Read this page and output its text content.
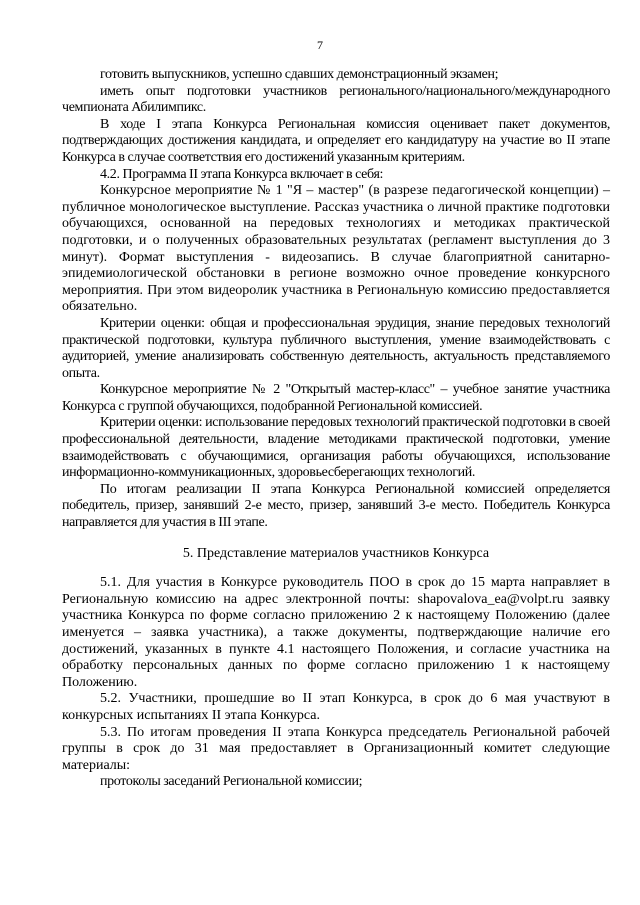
7

готовить выпускников, успешно сдавших демонстрационный экзамен;

иметь опыт подготовки участников регионального/национального/международного чемпионата Абилимпикс.

В ходе I этапа Конкурса Региональная комиссия оценивает пакет документов, подтверждающих достижения кандидата, и определяет его кандидатуру на участие во II этапе Конкурса в случае соответствия его достижений указанным критериям.

4.2. Программа II этапа Конкурса включает в себя:

Конкурсное мероприятие № 1 "Я – мастер" (в разрезе педагогической концепции) – публичное монологическое выступление. Рассказ участника о личной практике подготовки обучающихся, основанной на передовых технологиях и методиках практической подготовки, и о полученных образовательных результатах (регламент выступления до 3 минут). Формат выступления - видеозапись. В случае благоприятной санитарно-эпидемиологической обстановки в регионе возможно очное проведение конкурсного мероприятия. При этом видеоролик участника в Региональную комиссию предоставляется обязательно.

Критерии оценки: общая и профессиональная эрудиция, знание передовых технологий практической подготовки, культура публичного выступления, умение взаимодействовать с аудиторией, умение анализировать собственную деятельность, актуальность представляемого опыта.

Конкурсное мероприятие № 2 "Открытый мастер-класс" – учебное занятие участника Конкурса с группой обучающихся, подобранной Региональной комиссией.

Критерии оценки: использование передовых технологий практической подготовки в своей профессиональной деятельности, владение методиками практической подготовки, умение взаимодействовать с обучающимися, организация работы обучающихся, использование информационно-коммуникационных, здоровьесберегающих технологий.

По итогам реализации II этапа Конкурса Региональной комиссией определяется победитель, призер, занявший 2-е место, призер, занявший 3-е место. Победитель Конкурса направляется для участия в III этапе.

5. Представление материалов участников Конкурса

5.1. Для участия в Конкурсе руководитель ПОО в срок до 15 марта направляет в Региональную комиссию на адрес электронной почты: shapovalova_ea@volpt.ru заявку участника Конкурса по форме согласно приложению 2 к настоящему Положению (далее именуется – заявка участника), а также документы, подтверждающие наличие его достижений, указанных в пункте 4.1 настоящего Положения, и согласие участника на обработку персональных данных по форме согласно приложению 1 к настоящему Положению.

5.2. Участники, прошедшие во II этап Конкурса, в срок до 6 мая участвуют в конкурсных испытаниях II этапа Конкурса.

5.3. По итогам проведения II этапа Конкурса председатель Региональной рабочей группы в срок до 31 мая предоставляет в Организационный комитет следующие материалы:

протоколы заседаний Региональной комиссии;
